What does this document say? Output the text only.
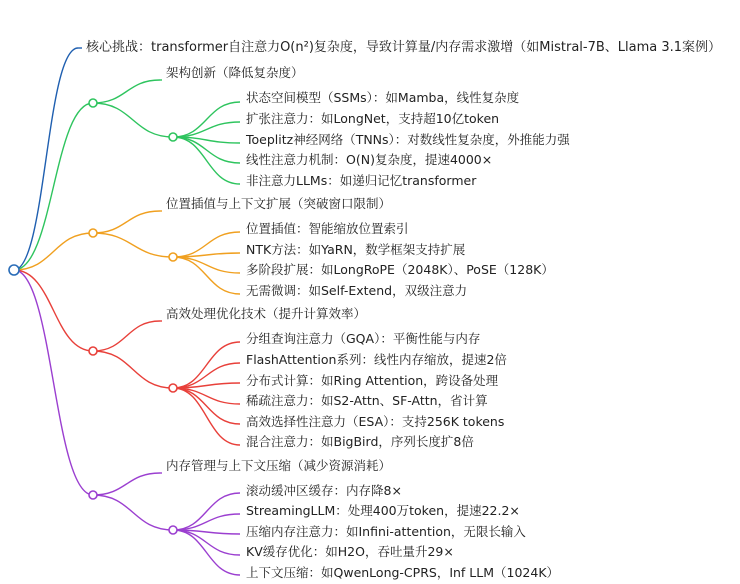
核心挑战：transformer自注意力O(n²)复杂度，导致计算量/内存需求激增（如Mistral-7B、Llama 3.1案例）
架构创新（降低复杂度）
状态空间模型（SSMs）：如Mamba，线性复杂度
扩张注意力：如LongNet，支持超10亿token
Toeplitz神经网络（TNNs）：对数线性复杂度，外推能力强
线性注意力机制：O(N)复杂度，提速4000×
非注意力LLMs：如递归记忆transformer
位置插值与上下文扩展（突破窗口限制）
位置插值：智能缩放位置索引
NTK方法：如YaRN，数学框架支持扩展
多阶段扩展：如LongRoPE（2048K）、PoSE（128K）
无需微调：如Self-Extend，双级注意力
高效处理优化技术（提升计算效率）
分组查询注意力（GQA）：平衡性能与内存
FlashAttention系列：线性内存缩放，提速2倍
分布式计算：如Ring Attention，跨设备处理
稀疏注意力：如S2-Attn、SF-Attn，省计算
高效选择性注意力（ESA）：支持256K tokens
混合注意力：如BigBird，序列长度扩8倍
内存管理与上下文压缩（减少资源消耗）
滚动缓冲区缓存：内存降8×
StreamingLLM：处理400万token，提速22.2×
压缩内存注意力：如Infini-attention，无限长输入
KV缓存优化：如H2O，吞吐量升29×
上下文压缩：如QwenLong-CPRS，Inf LLM（1024K）
